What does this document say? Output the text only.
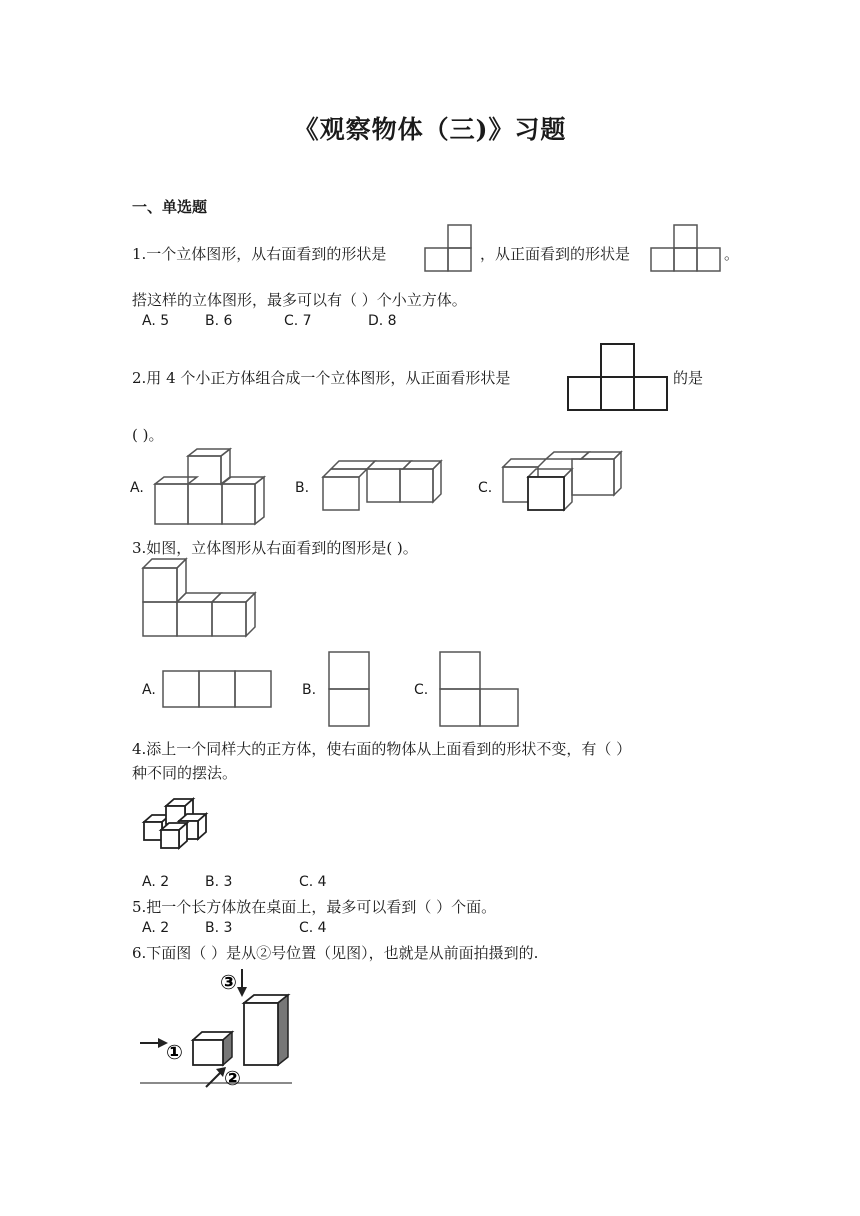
《观察物体（三)》习题
一、单选题
1.一个立体图形，从右面看到的形状是	，从正面看到的形状是	。
搭这样的立体图形，最多可以有（ ）个小立方体。
A. 5	B. 6	C. 7	D. 8
2.用 4 个小正方体组合成一个立体图形，从正面看形状是	的是
( )。
A.	B.	C.
3.如图，立体图形从右面看到的图形是( )。
A.	B.	C.
4.添上一个同样大的正方体，使右面的物体从上面看到的形状不变，有（ ）
种不同的摆法。
A. 2	B. 3	C. 4
5.把一个长方体放在桌面上，最多可以看到（ ）个面。
A. 2	B. 3	C. 4
6.下面图（ ）是从②号位置（见图），也就是从前面拍摄到的.
③
①
②
